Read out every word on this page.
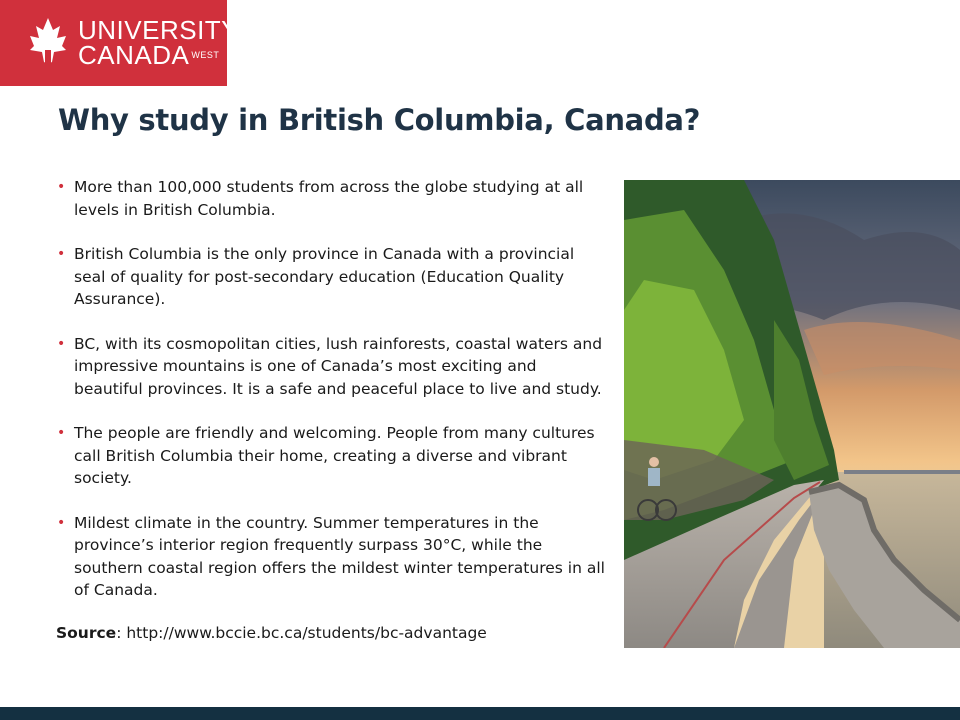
UNIVERSITY
CANADA $^{WEST}$
Why study in British Columbia, Canada?
• More than 100,000 students from across the globe studying at all levels in British Columbia.
• British Columbia is the only province in Canada with a provincial seal of quality for post-secondary education (Education Quality Assurance).
• BC, with its cosmopolitan cities, lush rainforests, coastal waters and impressive mountains is one of Canada’s most exciting and beautiful provinces. It is a safe and peaceful place to live and study.
• The people are friendly and welcoming. People from many cultures call British Columbia their home, creating a diverse and vibrant society.
• Mildest climate in the country. Summer temperatures in the province’s interior region frequently surpass 30°C, while the southern coastal region offers the mildest winter temperatures in all of Canada.
Source: http://www.bccie.bc.ca/students/bc-advantage
